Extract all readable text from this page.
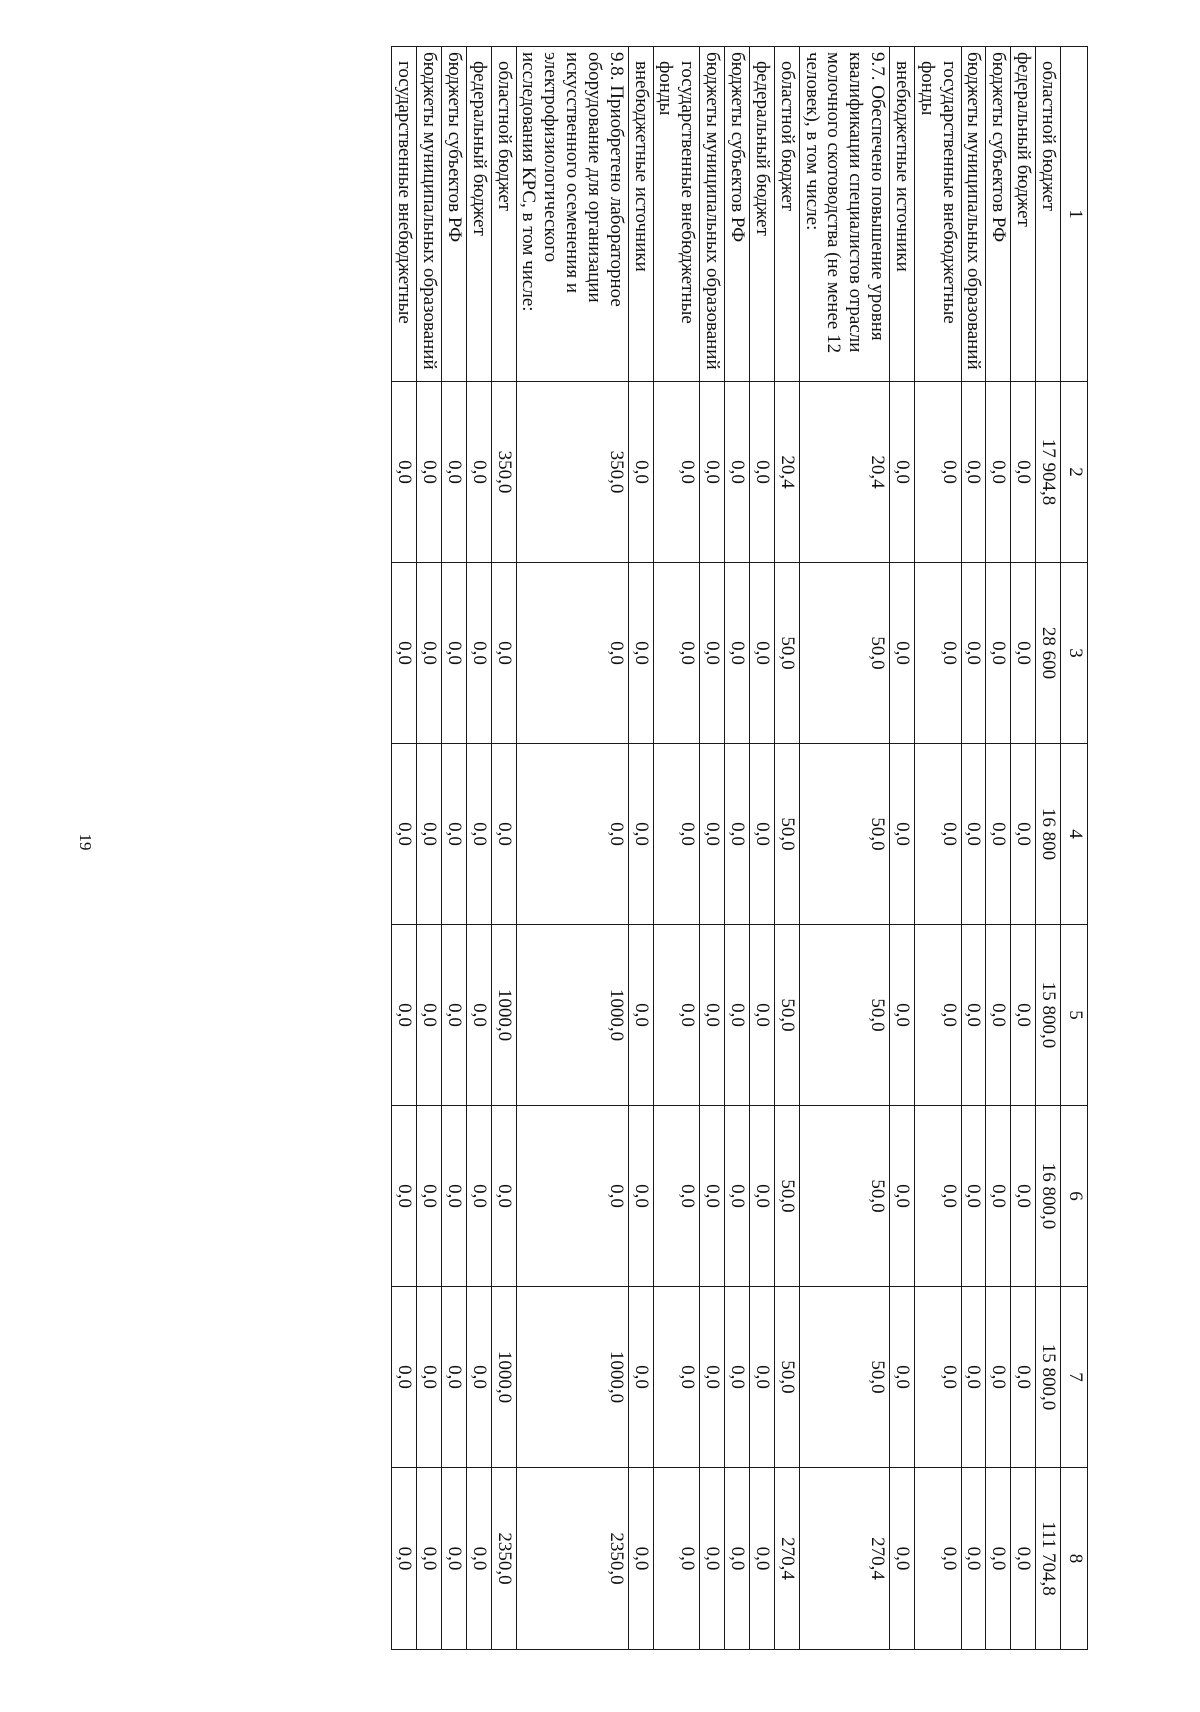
19
1	2	3	4	5	6	7	8
областной бюджет	17 904,8	28 600	16 800	15 800,0	16 800,0	15 800,0	111 704,8
федеральный бюджет	0,0	0,0	0,0	0,0	0,0	0,0	0,0
бюджеты субъектов РФ	0,0	0,0	0,0	0,0	0,0	0,0	0,0
бюджеты муниципальных образований	0,0	0,0	0,0	0,0	0,0	0,0	0,0
государственные внебюджетные фонды	0,0	0,0	0,0	0,0	0,0	0,0	0,0
внебюджетные источники	0,0	0,0	0,0	0,0	0,0	0,0	0,0
9.7. Обеспечено повышение уровня квалификации специалистов отрасли молочного скотоводства (не менее 12 человек), в том числе:	20,4	50,0	50,0	50,0	50,0	50,0	270,4
областной бюджет	20,4	50,0	50,0	50,0	50,0	50,0	270,4
федеральный бюджет	0,0	0,0	0,0	0,0	0,0	0,0	0,0
бюджеты субъектов РФ	0,0	0,0	0,0	0,0	0,0	0,0	0,0
бюджеты муниципальных образований	0,0	0,0	0,0	0,0	0,0	0,0	0,0
государственные внебюджетные фонды	0,0	0,0	0,0	0,0	0,0	0,0	0,0
внебюджетные источники	0,0	0,0	0,0	0,0	0,0	0,0	0,0
9.8. Приобретено лабораторное оборудование для организации искусственного осеменения и электрофизиологического исследования КРС, в том числе:	350,0	0,0	0,0	1000,0	0,0	1000,0	2350,0
областной бюджет	350,0	0,0	0,0	1000,0	0,0	1000,0	2350,0
федеральный бюджет	0,0	0,0	0,0	0,0	0,0	0,0	0,0
бюджеты субъектов РФ	0,0	0,0	0,0	0,0	0,0	0,0	0,0
бюджеты муниципальных образований	0,0	0,0	0,0	0,0	0,0	0,0	0,0
государственные внебюджетные	0,0	0,0	0,0	0,0	0,0	0,0	0,0
